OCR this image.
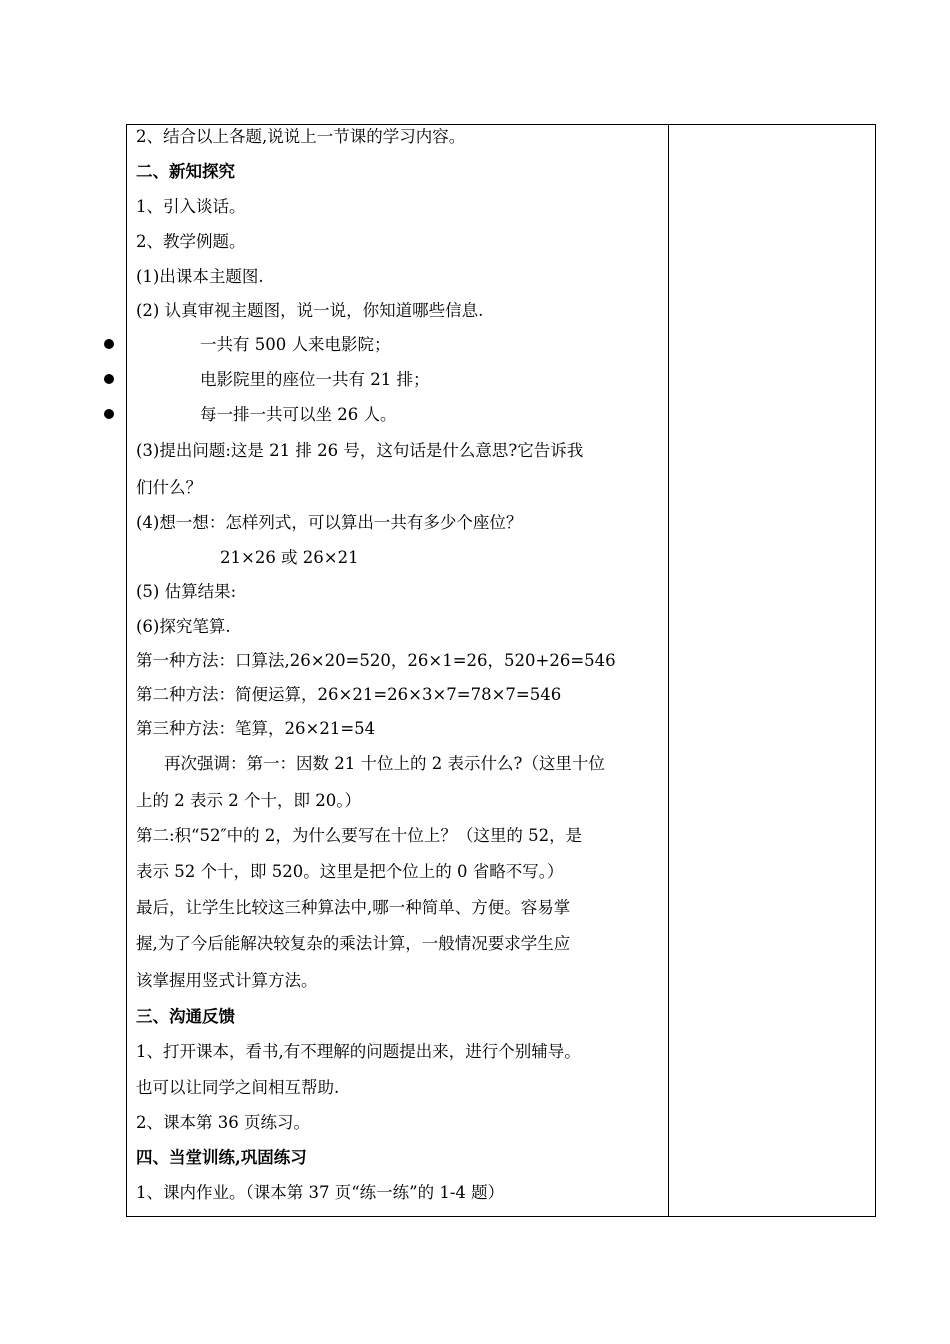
2、结合以上各题,说说上一节课的学习内容。
二、新知探究
1、引入谈话。
2、教学例题。
(1)出课本主题图.
(2) 认真审视主题图，说一说，你知道哪些信息.
一共有 500 人来电影院；
电影院里的座位一共有 21 排；
每一排一共可以坐 26 人。
(3)提出问题:这是 21 排 26 号，这句话是什么意思?它告诉我
们什么？
(4)想一想：怎样列式，可以算出一共有多少个座位？
21×26 或 26×21
(5) 估算结果:
(6)探究笔算.
第一种方法：口算法,26×20=520，26×1=26，520+26=546
第二种方法：简便运算，26×21=26×3×7=78×7=546
第三种方法：笔算，26×21=54
再次强调：第一：因数 21 十位上的 2 表示什么?（这里十位
上的 2 表示 2 个十，即 20。）
第二:积“52″中的 2，为什么要写在十位上？（这里的 52，是
表示 52 个十，即 520。这里是把个位上的 0 省略不写。）
最后，让学生比较这三种算法中,哪一种简单、方便。容易掌
握,为了今后能解决较复杂的乘法计算，一般情况要求学生应
该掌握用竖式计算方法。
三、沟通反馈
1、打开课本，看书,有不理解的问题提出来，进行个别辅导。
也可以让同学之间相互帮助.
2、课本第 36 页练习。
四、当堂训练,巩固练习
1、课内作业。（课本第 37 页“练一练”的 1-4 题）
